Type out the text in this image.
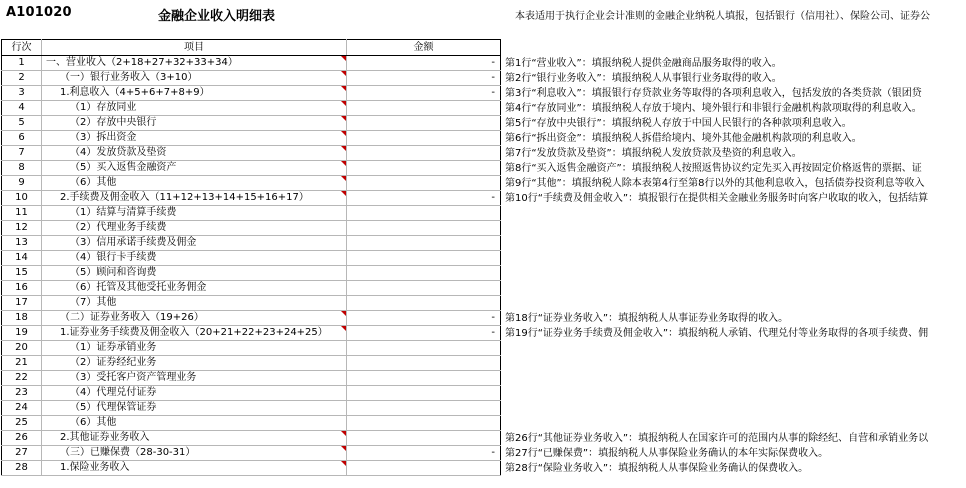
A101020	金融企业收入明细表	本表适用于执行企业会计准则的金融企业纳税人填报，包括银行（信用社）、保险公司、证券公
行次	项目	金额
1	一、营业收入（2+18+27+32+33+34）	-
2	（一）银行业务收入（3+10）	-
3	1.利息收入（4+5+6+7+8+9）	-
4	（1）存放同业

5	（2）存放中央银行

6	（3）拆出资金

7	（4）发放贷款及垫资

8	（5）买入返售金融资产

9	（6）其他

10	2.手续费及佣金收入（11+12+13+14+15+16+17）	-
11	（1）结算与清算手续费	
12	（2）代理业务手续费	
13	（3）信用承诺手续费及佣金	
14	（4）银行卡手续费	
15	（5）顾问和咨询费	
16	（6）托管及其他受托业务佣金	
17	（7）其他	
18	（二）证券业务收入（19+26）	-
19	1.证券业务手续费及佣金收入（20+21+22+23+24+25）	-
20	（1）证券承销业务	
21	（2）证券经纪业务	
22	（3）受托客户资产管理业务	
23	（4）代理兑付证券	
24	（5）代理保管证券	
25	（6）其他	
26	2.其他证券业务收入

27	（三）已赚保费（28-30-31）	-
28	1.保险业务收入

第1行“营业收入”：填报纳税人提供金融商品服务取得的收入。
第2行“银行业务收入”：填报纳税人从事银行业务取得的收入。
第3行“利息收入”：填报银行存贷款业务等取得的各项利息收入，包括发放的各类贷款（银团贷
第4行“存放同业”：填报纳税人存放于境内、境外银行和非银行金融机构款项取得的利息收入。
第5行“存放中央银行”：填报纳税人存放于中国人民银行的各种款项利息收入。
第6行“拆出资金”：填报纳税人拆借给境内、境外其他金融机构款项的利息收入。
第7行“发放贷款及垫资”：填报纳税人发放贷款及垫资的利息收入。
第8行“买入返售金融资产”：填报纳税人按照返售协议约定先买入再按固定价格返售的票据、证
第9行“其他”：填报纳税人除本表第4行至第8行以外的其他利息收入，包括债券投资利息等收入
第10行“手续费及佣金收入”：填报银行在提供相关金融业务服务时向客户收取的收入，包括结算
第18行“证券业务收入”：填报纳税人从事证券业务取得的收入。
第19行“证券业务手续费及佣金收入”：填报纳税人承销、代理兑付等业务取得的各项手续费、佣
第26行“其他证券业务收入”：填报纳税人在国家许可的范围内从事的除经纪、自营和承销业务以
第27行“已赚保费”：填报纳税人从事保险业务确认的本年实际保费收入。
第28行“保险业务收入”：填报纳税人从事保险业务确认的保费收入。
